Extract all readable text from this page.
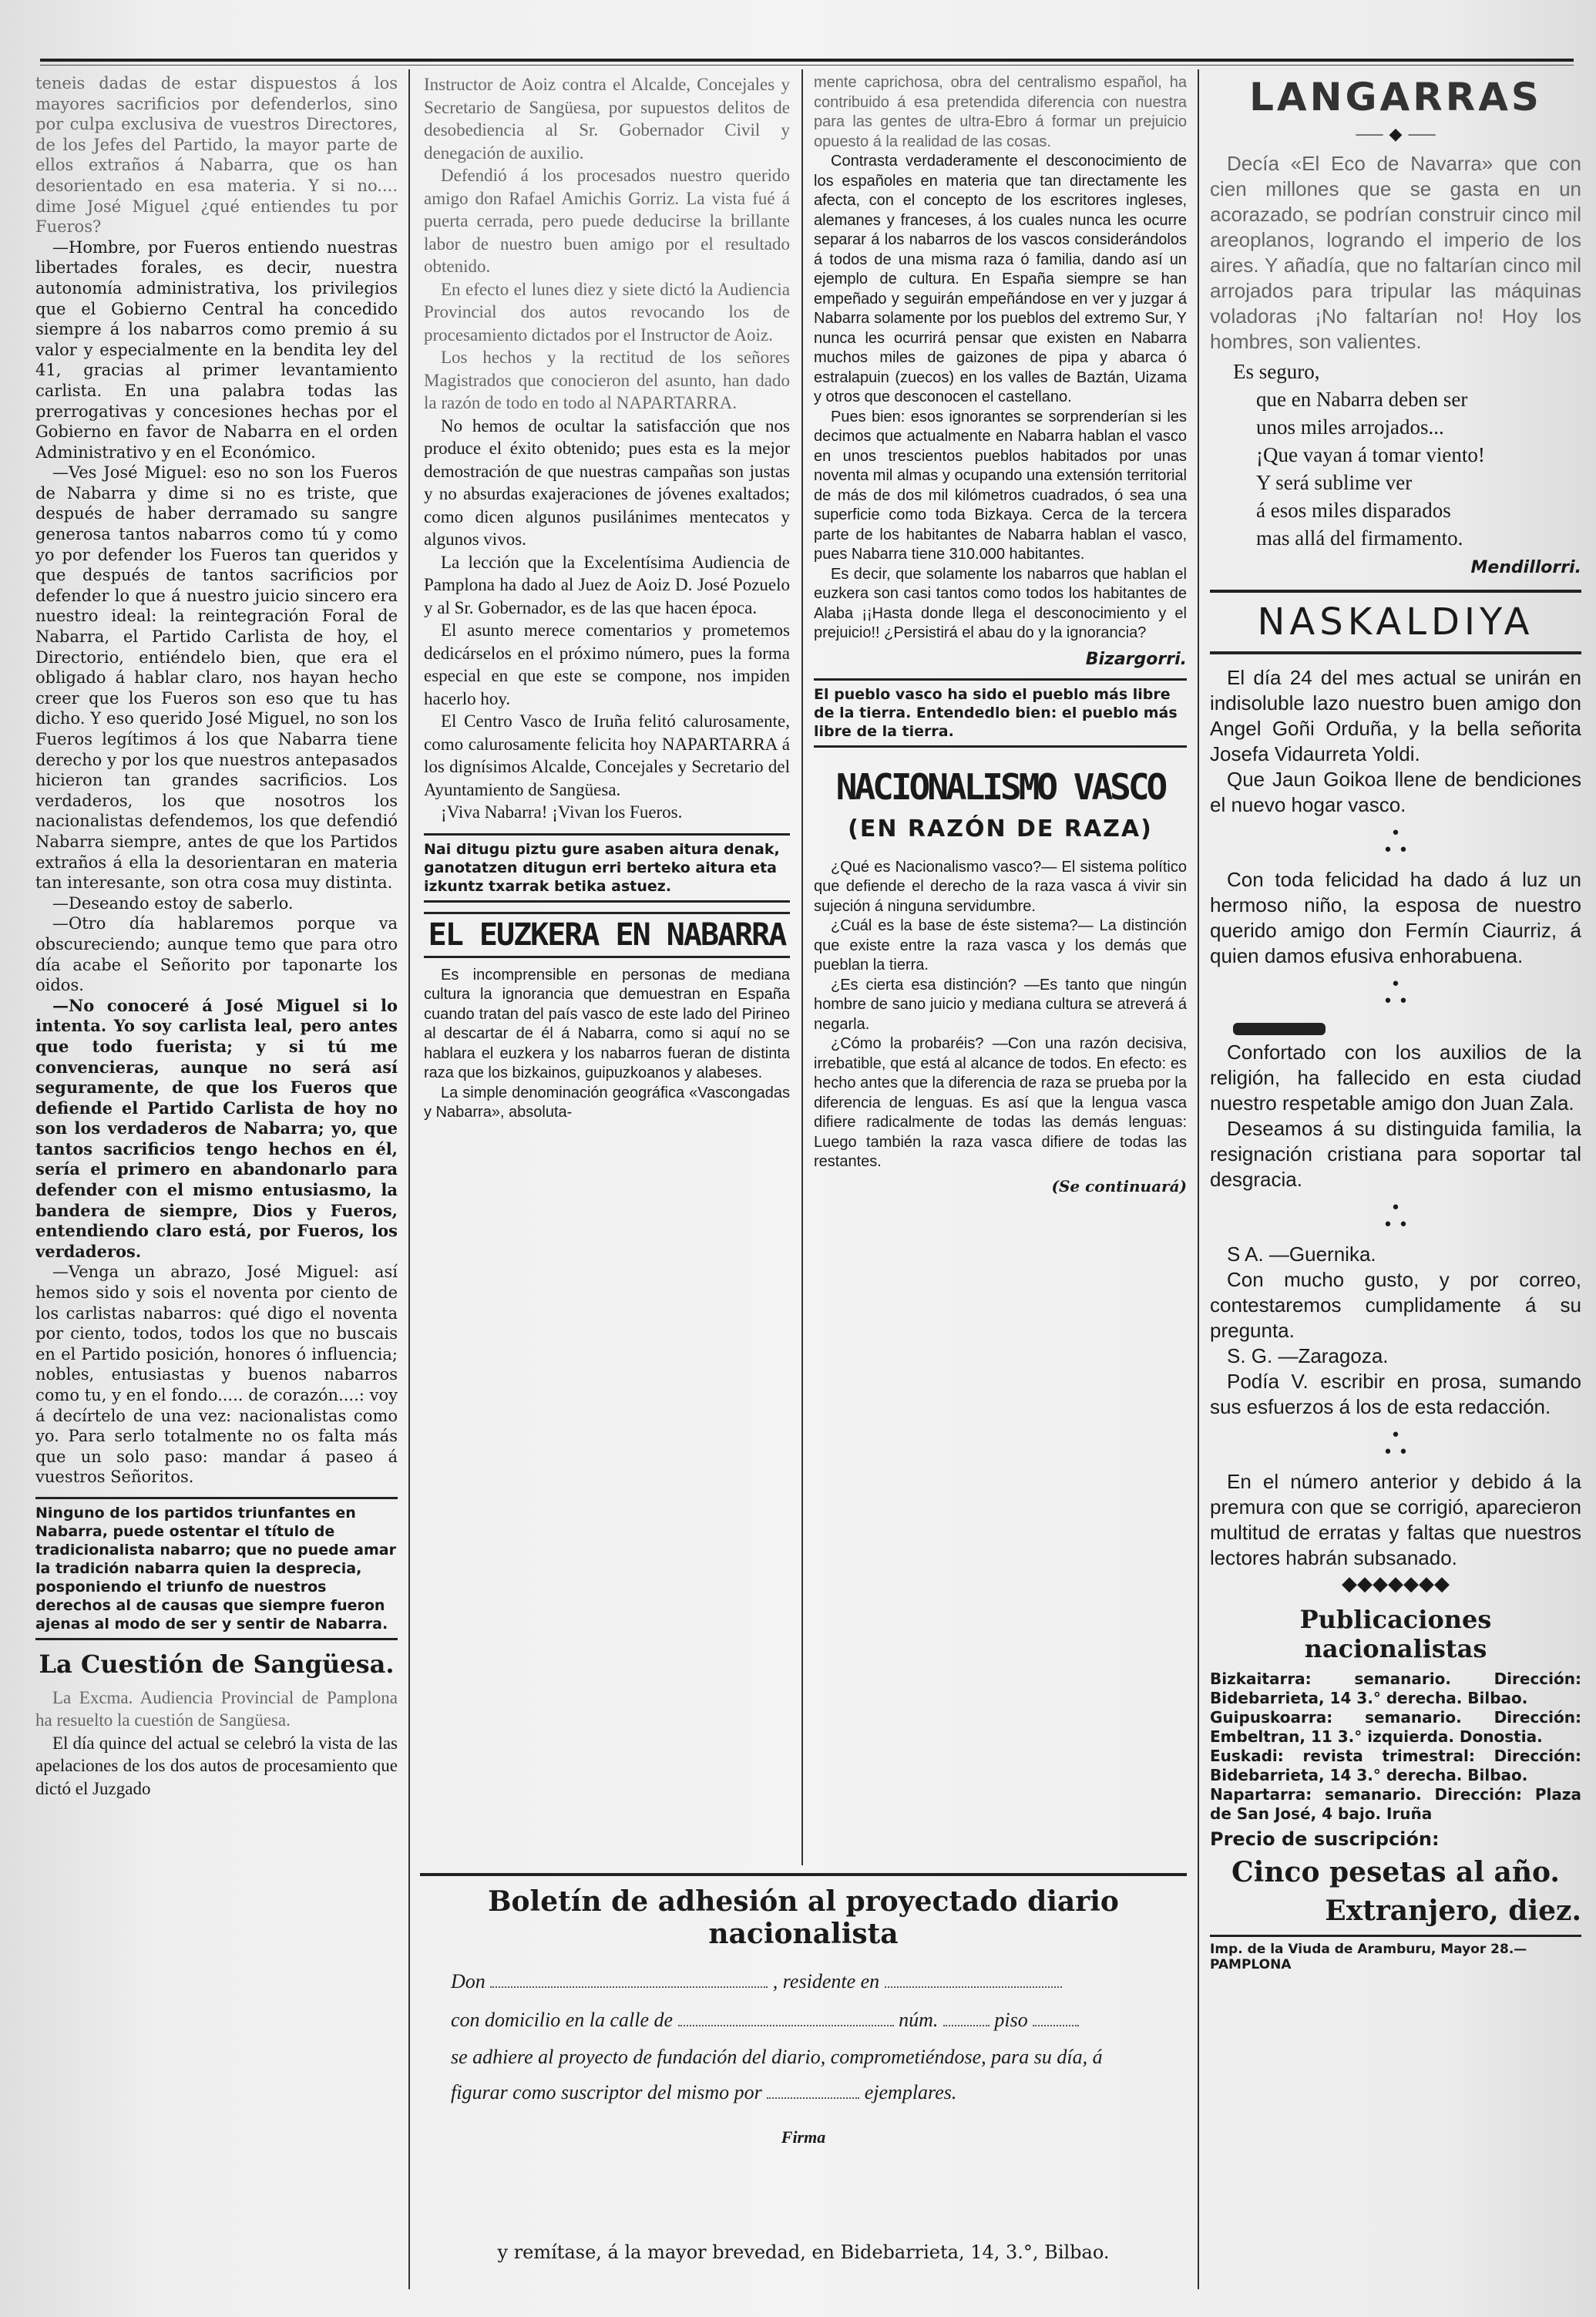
teneis dadas de estar dispuestos á los mayores sacrificios por defenderlos, sino por culpa exclusiva de vuestros Directores, de los Jefes del Partido, la mayor parte de ellos extraños á Nabarra, que os han desorientado en esa materia. Y si no.... dime José Miguel ¿qué entiendes tu por Fueros?

—Hombre, por Fueros entiendo nuestras libertades forales, es decir, nuestra autonomía administrativa, los privilegios que el Gobierno Central ha concedido siempre á los nabarros como premio á su valor y especialmente en la bendita ley del 41, gracias al primer levantamiento carlista. En una palabra todas las prerrogativas y concesiones hechas por el Gobierno en favor de Nabarra en el orden Administrativo y en el Económico.

—Ves José Miguel: eso no son los Fueros de Nabarra y dime si no es triste, que después de haber derramado su sangre generosa tantos nabarros como tú y como yo por defender los Fueros tan queridos y que después de tantos sacrificios por defender lo que á nuestro juicio sincero era nuestro ideal: la reintegración Foral de Nabarra, el Partido Carlista de hoy, el Directorio, entiéndelo bien, que era el obligado á hablar claro, nos hayan hecho creer que los Fueros son eso que tu has dicho. Y eso querido José Miguel, no son los Fueros legítimos á los que Nabarra tiene derecho y por los que nuestros antepasados hicieron tan grandes sacrificios. Los verdaderos, los que nosotros los nacionalistas defendemos, los que defendió Nabarra siempre, antes de que los Partidos extraños á ella la desorientaran en materia tan interesante, son otra cosa muy distinta.

—Deseando estoy de saberlo.

—Otro día hablaremos porque va obscureciendo; aunque temo que para otro día acabe el Señorito por taponarte los oidos.

—No conoceré á José Miguel si lo intenta. Yo soy carlista leal, pero antes que todo fuerista; y si tú me convencieras, aunque no será así seguramente, de que los Fueros que defiende el Partido Carlista de hoy no son los verdaderos de Nabarra; yo, que tantos sacrificios tengo hechos en él, sería el primero en abandonarlo para defender con el mismo entusiasmo, la bandera de siempre, Dios y Fueros, entendiendo claro está, por Fueros, los verdaderos.

—Venga un abrazo, José Miguel: así hemos sido y sois el noventa por ciento de los carlistas nabarros: qué digo el noventa por ciento, todos, todos los que no buscais en el Partido posición, honores ó influencia; nobles, entusiastas y buenos nabarros como tu, y en el fondo..... de corazón....: voy á decírtelo de una vez: nacionalistas como yo. Para serlo totalmente no os falta más que un solo paso: mandar á paseo á vuestros Señoritos.

Ninguno de los partidos triunfantes en Nabarra, puede ostentar el título de tradicionalista nabarro; que no puede amar la tradición nabarra quien la desprecia, posponiendo el triunfo de nuestros derechos al de causas que siempre fueron ajenas al modo de ser y sentir de Nabarra.
La Cuestión de Sangüesa.

La Excma. Audiencia Provincial de Pamplona ha resuelto la cuestión de Sangüesa.

El día quince del actual se celebró la vista de las apelaciones de los dos autos de procesamiento que dictó el Juzgado

Instructor de Aoiz contra el Alcalde, Concejales y Secretario de Sangüesa, por supuestos delitos de desobediencia al Sr. Gobernador Civil y denegación de auxilio.

Defendió á los procesados nuestro querido amigo don Rafael Amichis Gorriz. La vista fué á puerta cerrada, pero puede deducirse la brillante labor de nuestro buen amigo por el resultado obtenido.

En efecto el lunes diez y siete dictó la Audiencia Provincial dos autos revocando los de procesamiento dictados por el Instructor de Aoiz.

Los hechos y la rectitud de los señores Magistrados que conocieron del asunto, han dado la razón de todo en todo al NAPARTARRA.

No hemos de ocultar la satisfacción que nos produce el éxito obtenido; pues esta es la mejor demostración de que nuestras campañas son justas y no absurdas exajeraciones de jóvenes exaltados; como dicen algunos pusilánimes mentecatos y algunos vivos.

La lección que la Excelentísima Audiencia de Pamplona ha dado al Juez de Aoiz D. José Pozuelo y al Sr. Gobernador, es de las que hacen época.

El asunto merece comentarios y prometemos dedicárselos en el próximo número, pues la forma especial en que este se compone, nos impiden hacerlo hoy.

El Centro Vasco de Iruña felitó calurosamente, como calurosamente felicita hoy NAPARTARRA á los dignísimos Alcalde, Concejales y Secretario del Ayuntamiento de Sangüesa.

¡Viva Nabarra! ¡Vivan los Fueros.

Nai ditugu piztu gure asaben aitura denak, ganotatzen ditugun erri berteko aitura eta izkuntz txarrak betika astuez.
EL EUZKERA EN NABARRA

Es incomprensible en personas de mediana cultura la ignorancia que demuestran en España cuando tratan del país vasco de este lado del Pirineo al descartar de él á Nabarra, como si aquí no se hablara el euzkera y los nabarros fueran de distinta raza que los bizkainos, guipuzkoanos y alabeses.

La simple denominación geográfica «Vascongadas y Nabarra», absoluta-

mente caprichosa, obra del centralismo español, ha contribuido á esa pretendida diferencia con nuestra para las gentes de ultra-Ebro á formar un prejuicio opuesto á la realidad de las cosas.

Contrasta verdaderamente el desconocimiento de los españoles en materia que tan directamente les afecta, con el concepto de los escritores ingleses, alemanes y franceses, á los cuales nunca les ocurre separar á los nabarros de los vascos considerándolos á todos de una misma raza ó familia, dando así un ejemplo de cultura. En España siempre se han empeñado y seguirán empeñándose en ver y juzgar á Nabarra solamente por los pueblos del extremo Sur, Y nunca les ocurrirá pensar que existen en Nabarra muchos miles de gaizones de pipa y abarca ó estralapuin (zuecos) en los valles de Baztán, Uizama y otros que desconocen el castellano.

Pues bien: esos ignorantes se sorprenderían si les decimos que actualmente en Nabarra hablan el vasco en unos trescientos pueblos habitados por unas noventa mil almas y ocupando una extensión territorial de más de dos mil kilómetros cuadrados, ó sea una superficie como toda Bizkaya. Cerca de la tercera parte de los habitantes de Nabarra hablan el vasco, pues Nabarra tiene 310.000 habitantes.

Es decir, que solamente los nabarros que hablan el euzkera son casi tantos como todos los habitantes de Alaba ¡¡Hasta donde llega el desconocimiento y el prejuicio!! ¿Persistirá el abau do y la ignorancia?

Bizargorri.
El pueblo vasco ha sido el pueblo más libre de la tierra. Entendedlo bien: el pueblo más libre de la tierra.
NACIONALISMO VASCO
(EN RAZÓN DE RAZA)

¿Qué es Nacionalismo vasco?— El sistema político que defiende el derecho de la raza vasca á vivir sin sujeción á ninguna servidumbre.

¿Cuál es la base de éste sistema?— La distinción que existe entre la raza vasca y los demás que pueblan la tierra.

¿Es cierta esa distinción? —Es tanto que ningún hombre de sano juicio y mediana cultura se atreverá á negarla.

¿Cómo la probaréis? —Con una razón decisiva, irrebatible, que está al alcance de todos. En efecto: es hecho antes que la diferencia de raza se prueba por la diferencia de lenguas. Es así que la lengua vasca difiere radicalmente de todas las demás lenguas: Luego también la raza vasca difiere de todas las restantes.

(Se continuará)
LANGARRAS
⸺ ◆ ⸺

Decía «El Eco de Navarra» que con cien millones que se gasta en un acorazado, se podrían construir cinco mil areoplanos, logrando el imperio de los aires. Y añadía, que no faltarían cinco mil arrojados para tripular las máquinas voladoras ¡No faltarían no! Hoy los hombres, son valientes.

Es seguro,
que en Nabarra deben ser
unos miles arrojados...
¡Que vayan á tomar viento!
Y será sublime ver
á esos miles disparados
mas allá del firmamento.
Mendillorri.
NASKALDIYA

El día 24 del mes actual se unirán en indisoluble lazo nuestro buen amigo don Angel Goñi Orduña, y la bella señorita Josefa Vidaurreta Yoldi.

Que Jaun Goikoa llene de bendiciones el nuevo hogar vasco.

•
• •

Con toda felicidad ha dado á luz un hermoso niño, la esposa de nuestro querido amigo don Fermín Ciaurriz, á quien damos efusiva enhorabuena.

•
• •

Confortado con los auxilios de la religión, ha fallecido en esta ciudad nuestro respetable amigo don Juan Zala.

Deseamos á su distinguida familia, la resignación cristiana para soportar tal desgracia.

•
• •

S A. —Guernika.

Con mucho gusto, y por correo, contestaremos cumplidamente á su pregunta.

S. G. —Zaragoza.

Podía V. escribir en prosa, sumando sus esfuerzos á los de esta redacción.

•
• •

En el número anterior y debido á la premura con que se corrigió, aparecieron multitud de erratas y faltas que nuestros lectores habrán subsanado.

◆◆◆◆◆◆◆
Publicaciones nacionalistas

Bizkaitarra: semanario. Dirección: Bidebarrieta, 14 3.° derecha. Bilbao.

Guipuskoarra: semanario. Dirección: Embeltran, 11 3.° izquierda. Donostia.

Euskadi: revista trimestral: Dirección: Bidebarrieta, 14 3.° derecha. Bilbao.

Napartarra: semanario. Dirección: Plaza de San José, 4 bajo. Iruña

Precio de suscripción:
Cinco pesetas al año.
Extranjero, diez.
Imp. de la Viuda de Aramburu, Mayor 28.—PAMPLONA
Boletín de adhesión al proyectado diario nacionalista
Don	, residente en
con domicilio en la calle de	núm.	piso
se adhiere al proyecto de fundación del diario, comprometiéndose, para su día, á figurar como suscriptor del mismo por	ejemplares.
Firma
y remítase, á la mayor brevedad, en Bidebarrieta, 14, 3.°, Bilbao.
